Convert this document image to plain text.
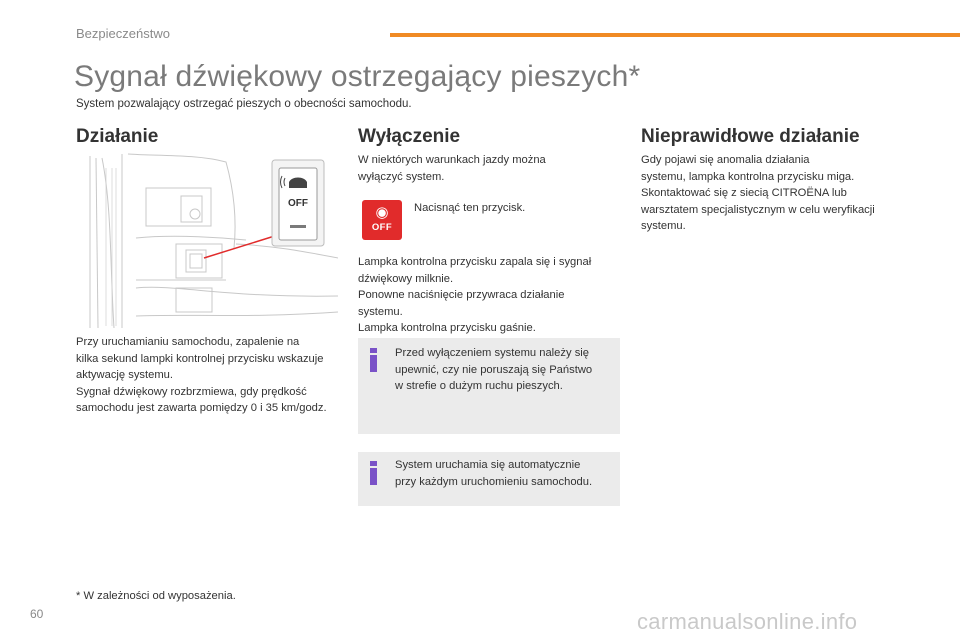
Bezpieczeństwo
Sygnał dźwiękowy ostrzegający pieszych*
System pozwalający ostrzegać pieszych o obecności samochodu.
Działanie
OFF
Przy uruchamianiu samochodu, zapalenie na
kilka sekund lampki kontrolnej przycisku wskazuje
aktywację systemu.
Sygnał dźwiękowy rozbrzmiewa, gdy prędkość
samochodu jest zawarta pomiędzy 0 i 35 km/godz.
Wyłączenie
W niektórych warunkach jazdy można
wyłączyć system.
◉
OFF
Nacisnąć ten przycisk.
Lampka kontrolna przycisku zapala się i sygnał
dźwiękowy milknie.
Ponowne naciśnięcie przywraca działanie
systemu.
Lampka kontrolna przycisku gaśnie.
Przed wyłączeniem systemu należy się
upewnić, czy nie poruszają się Państwo
w strefie o dużym ruchu pieszych.
System uruchamia się automatycznie
przy każdym uruchomieniu samochodu.
Nieprawidłowe działanie
Gdy pojawi się anomalia działania
systemu, lampka kontrolna przycisku miga.
Skontaktować się z siecią CITROËNA lub
warsztatem specjalistycznym w celu weryfikacji
systemu.
* W zależności od wyposażenia.
60	carmanualsonline.info
